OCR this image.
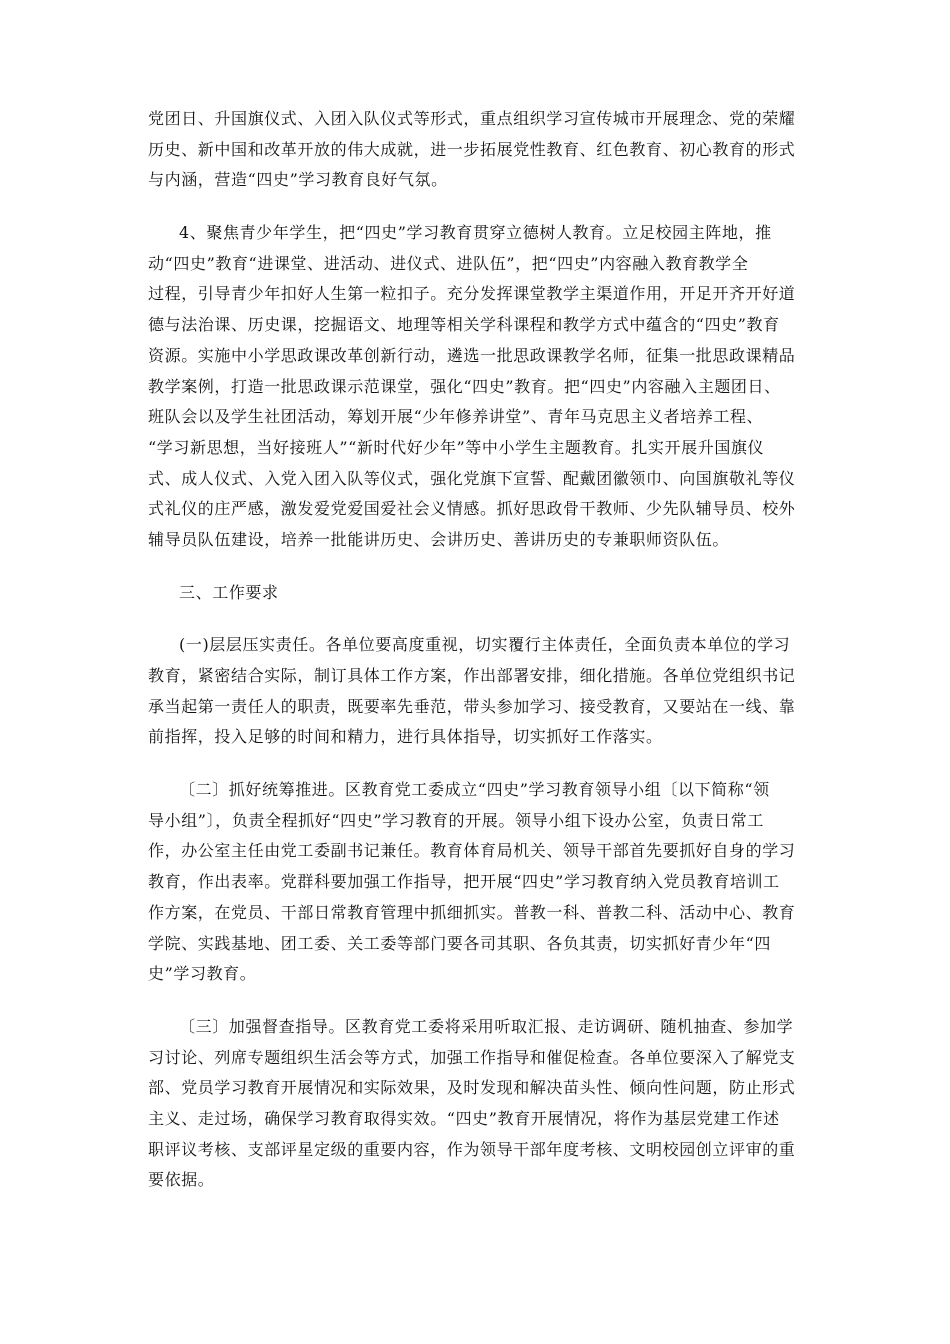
党团日、升国旗仪式、入团入队仪式等形式，重点组织学习宣传城市开展理念、党的荣耀
历史、新中国和改革开放的伟大成就，进一步拓展党性教育、红色教育、初心教育的形式
与内涵，营造“四史”学习教育良好气氛。
4、聚焦青少年学生，把“四史”学习教育贯穿立德树人教育。立足校园主阵地，推
动“四史”教育“进课堂、进活动、进仪式、进队伍”，把“四史”内容融入教育教学全
过程，引导青少年扣好人生第一粒扣子。充分发挥课堂教学主渠道作用，开足开齐开好道
德与法治课、历史课，挖掘语文、地理等相关学科课程和教学方式中蕴含的“四史”教育
资源。实施中小学思政课改革创新行动，遴选一批思政课教学名师，征集一批思政课精品
教学案例，打造一批思政课示范课堂，强化“四史”教育。把“四史”内容融入主题团日、
班队会以及学生社团活动，筹划开展“少年修养讲堂”、青年马克思主义者培养工程、
“学习新思想，当好接班人”“新时代好少年”等中小学生主题教育。扎实开展升国旗仪
式、成人仪式、入党入团入队等仪式，强化党旗下宣誓、配戴团徽领巾、向国旗敬礼等仪
式礼仪的庄严感，激发爱党爱国爱社会义情感。抓好思政骨干教师、少先队辅导员、校外
辅导员队伍建设，培养一批能讲历史、会讲历史、善讲历史的专兼职师资队伍。
三、工作要求
(一)层层压实责任。各单位要高度重视，切实覆行主体责任，全面负责本单位的学习
教育，紧密结合实际，制订具体工作方案，作出部署安排，细化措施。各单位党组织书记
承当起第一责任人的职责，既要率先垂范，带头参加学习、接受教育，又要站在一线、靠
前指挥，投入足够的时间和精力，进行具体指导，切实抓好工作落实。
〔二〕抓好统筹推进。区教育党工委成立“四史”学习教育领导小组〔以下简称“领
导小组”〕，负责全程抓好“四史”学习教育的开展。领导小组下设办公室，负责日常工
作，办公室主任由党工委副书记兼任。教育体育局机关、领导干部首先要抓好自身的学习
教育，作出表率。党群科要加强工作指导，把开展“四史”学习教育纳入党员教育培训工
作方案，在党员、干部日常教育管理中抓细抓实。普教一科、普教二科、活动中心、教育
学院、实践基地、团工委、关工委等部门要各司其职、各负其责，切实抓好青少年“四
史”学习教育。
〔三〕加强督查指导。区教育党工委将采用听取汇报、走访调研、随机抽查、参加学
习讨论、列席专题组织生活会等方式，加强工作指导和催促检查。各单位要深入了解党支
部、党员学习教育开展情况和实际效果，及时发现和解决苗头性、倾向性问题，防止形式
主义、走过场，确保学习教育取得实效。“四史”教育开展情况，将作为基层党建工作述
职评议考核、支部评星定级的重要内容，作为领导干部年度考核、文明校园创立评审的重
要依据。
